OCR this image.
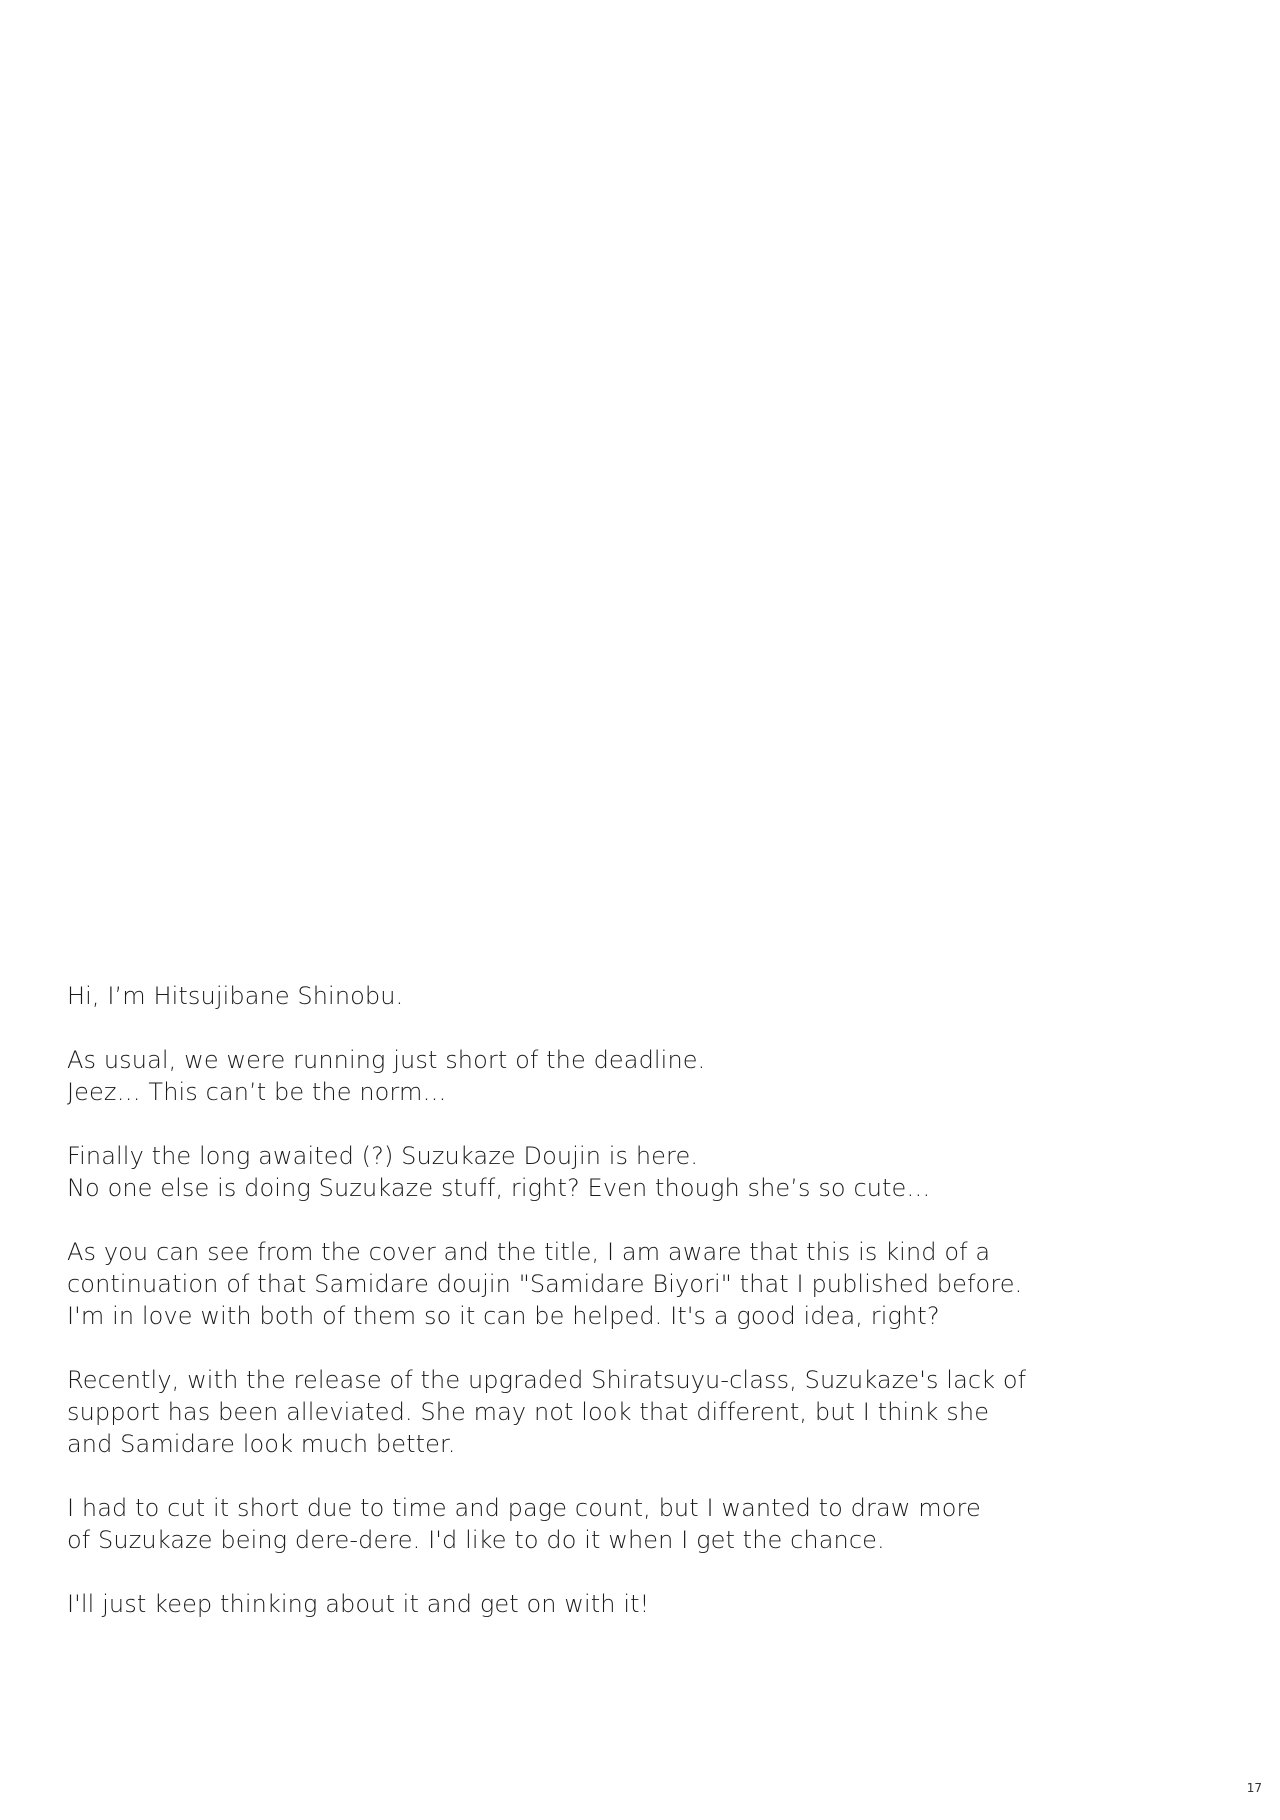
Hi, I’m Hitsujibane Shinobu.
As usual, we were running just short of the deadline.
Jeez… This can’t be the norm…
Finally the long awaited (?) Suzukaze Doujin is here.
No one else is doing Suzukaze stuff, right? Even though she’s so cute…
As you can see from the cover and the title, I am aware that this is kind of a
continuation of that Samidare doujin "Samidare Biyori" that I published before.
I'm in love with both of them so it can be helped. It's a good idea, right?
Recently, with the release of the upgraded Shiratsuyu-class, Suzukaze's lack of
support has been alleviated. She may not look that different, but I think she
and Samidare look much better.
I had to cut it short due to time and page count, but I wanted to draw more
of Suzukaze being dere-dere. I'd like to do it when I get the chance.
I'll just keep thinking about it and get on with it!
17
